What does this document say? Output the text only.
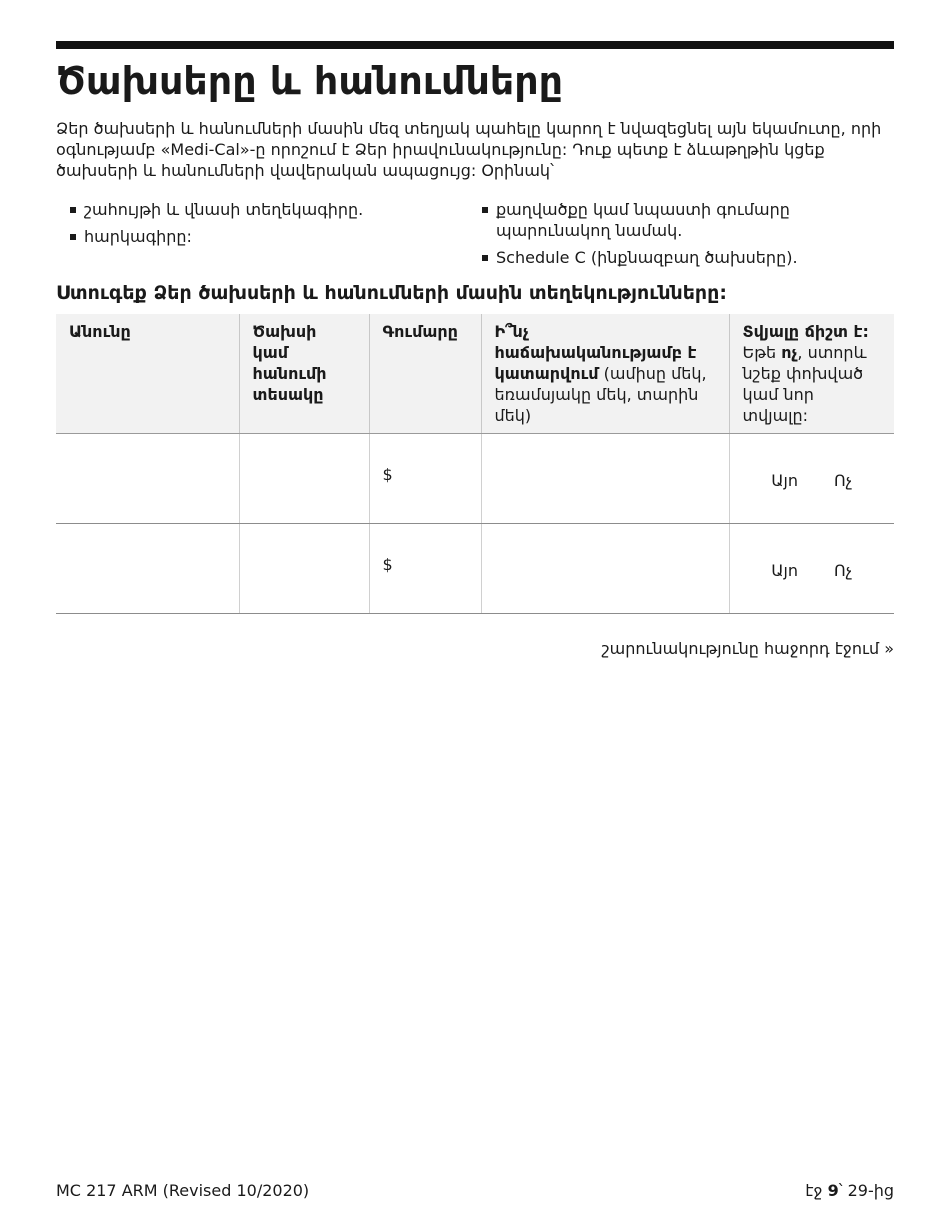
Ծախսերը և հանումները

Ձեր ծախսերի և հանումների մասին մեզ տեղյակ պահելը կարող է նվազեցնել այն եկամուտը, որի օգնությամբ «Medi-Cal»-ը որոշում է Ձեր իրավունակությունը: Դուք պետք է ձևաթղթին կցեք ծախսերի և հանումների վավերական ապացույց: Օրինակ՝

շահույթի և վնասի տեղեկագիրը.
հարկագիրը:
քաղվածքը կամ նպաստի գումարը պարունակող նամակ.
Schedule C (ինքնազբաղ ծախսերը).
Ստուգեք Ձեր ծախսերի և հանումների մասին տեղեկությունները:
Անունը	Ծախսի կամ հանումի տեսակը	Գումարը	Ի՞նչ հաճախականությամբ է կատարվում (ամիսը մեկ, եռամսյակը մեկ, տարին մեկ)	Տվյալը ճիշտ է: Եթե ոչ, ստորև նշեք փոխված կամ նոր տվյալը:
		$		Այո Ոչ

		$		Այո Ոչ
շարունակությունը հաջորդ էջում »
MC 217 ARM (Revised 10/2020)	էջ 9՝ 29-ից
